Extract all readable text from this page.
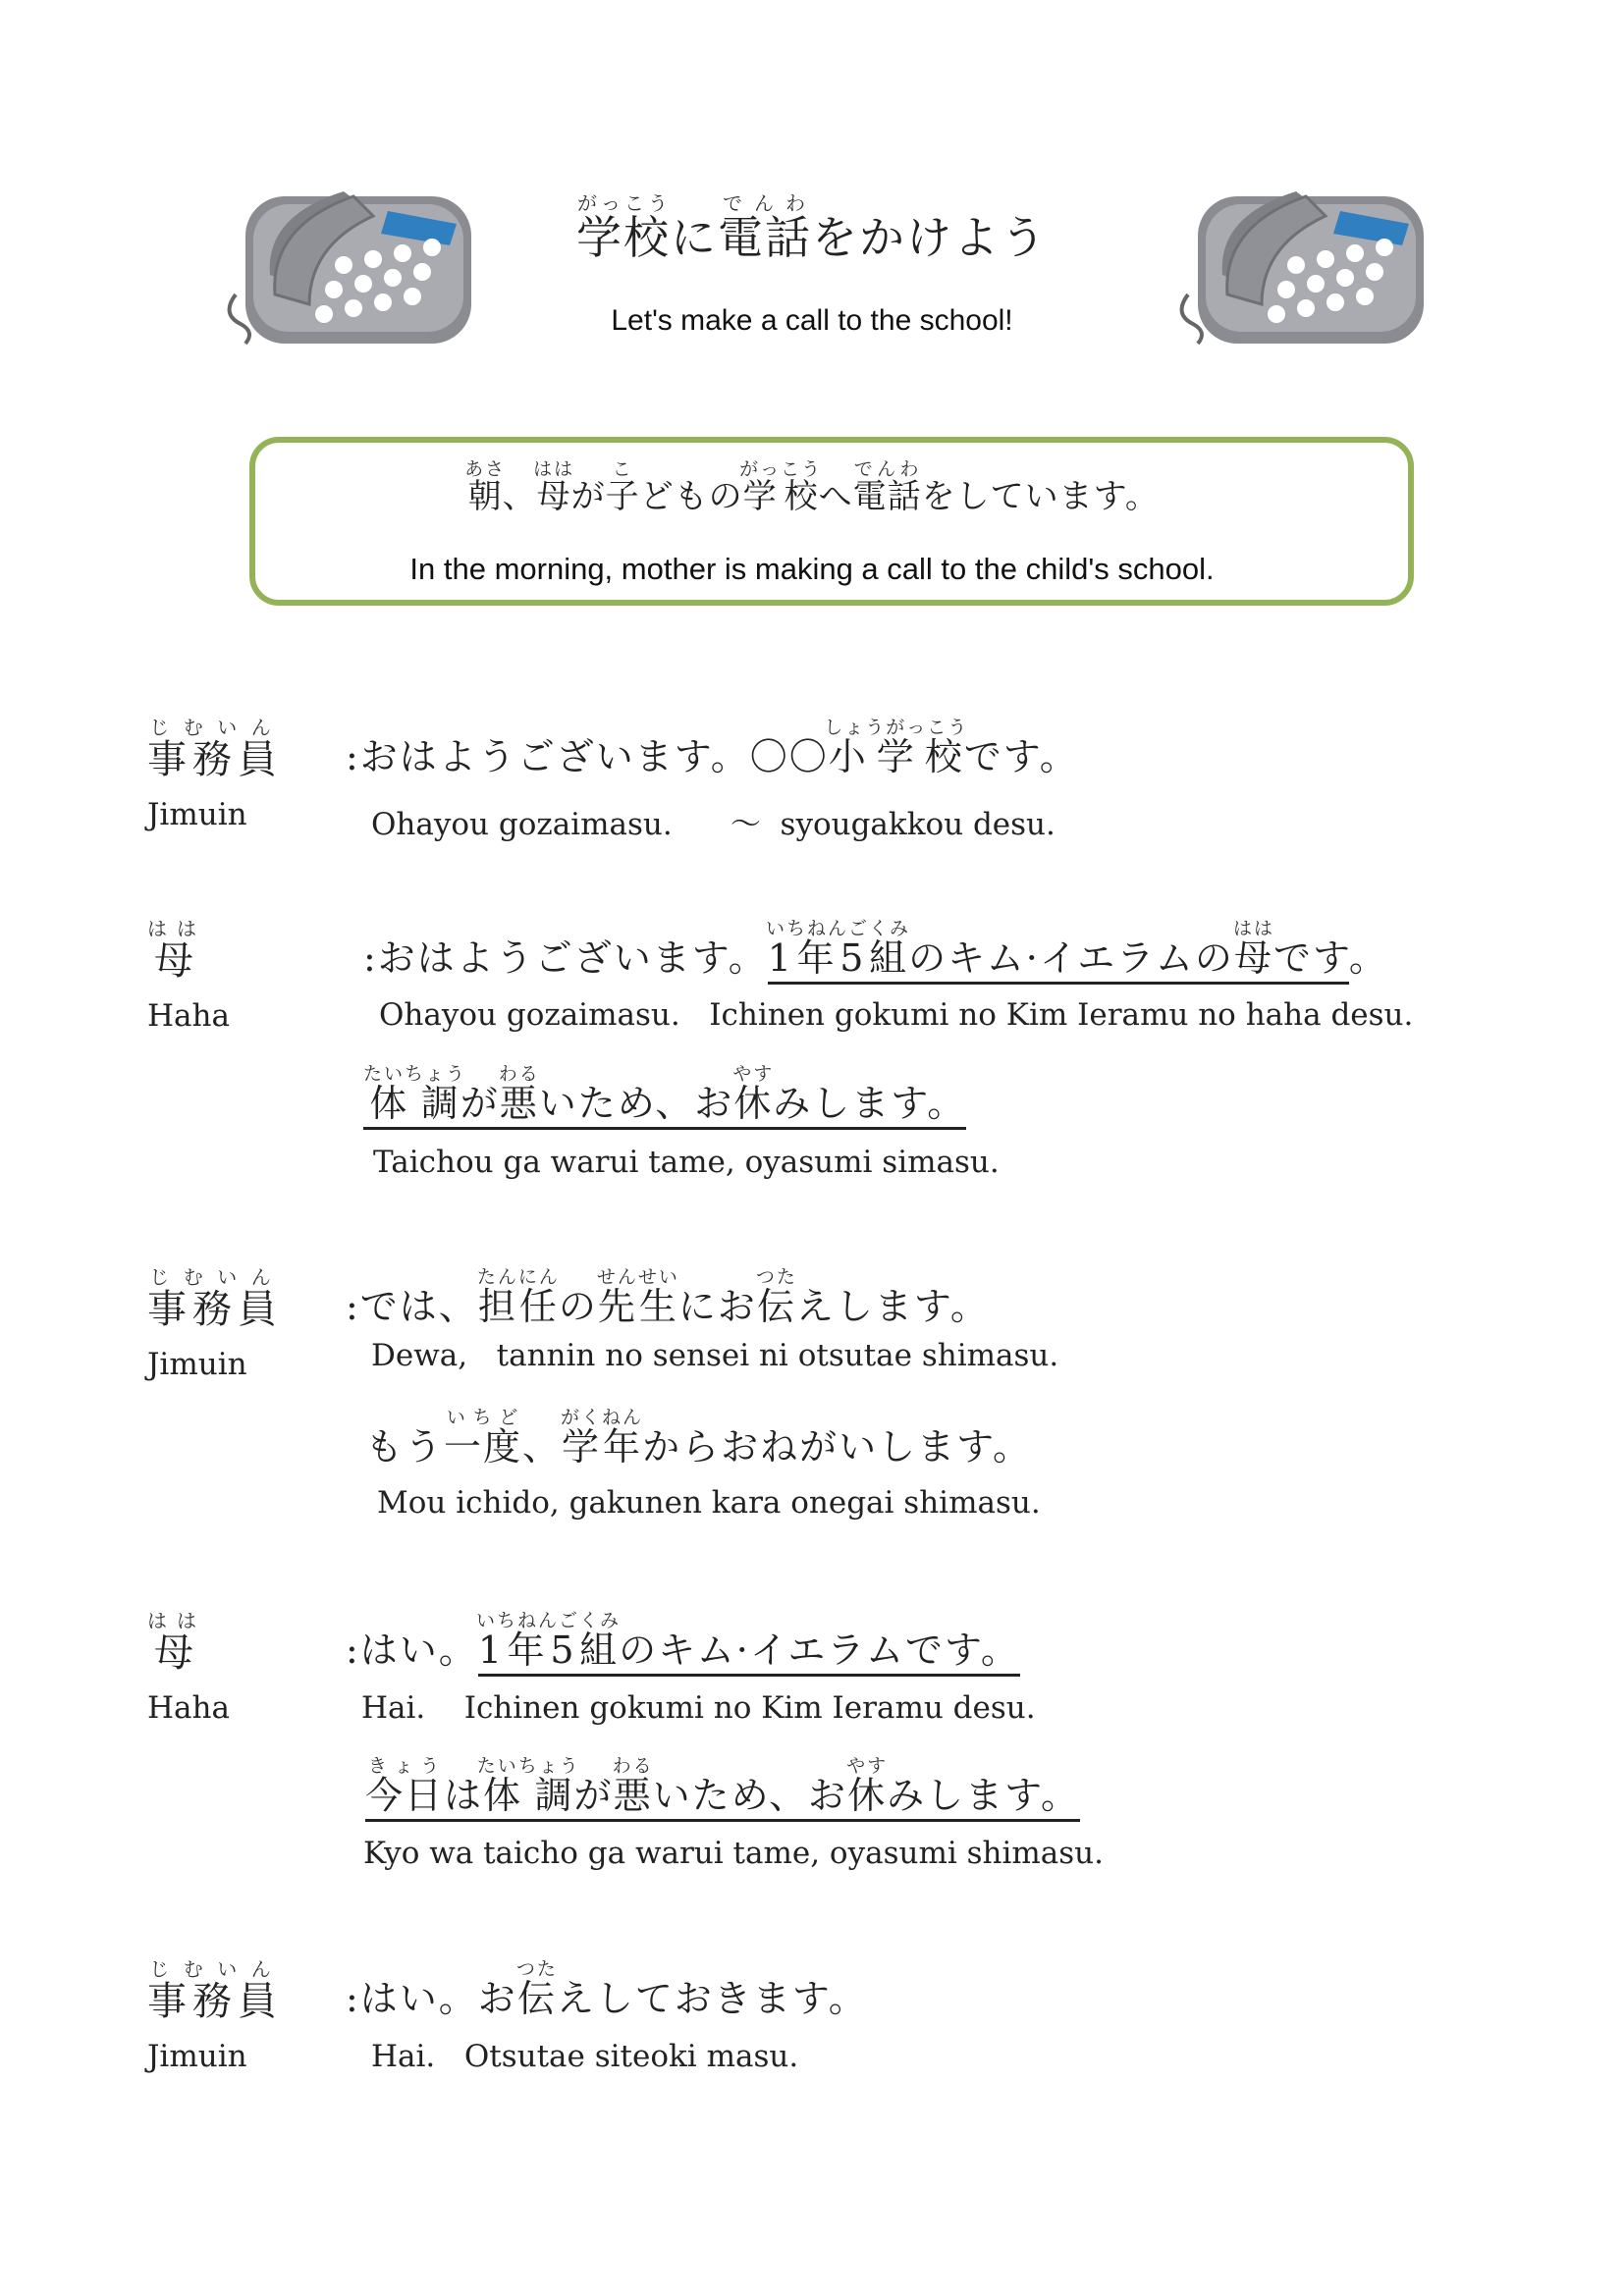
学校がっこうに電話でんわをかけよう
Let's make a call to the school!
朝あさ、母ははが子こどもの学校がっこうへ電話でんわをしています。
In the morning, mother is making a call to the child's school.
事務員じむいん
Jimuin
:おはようございます。〇〇小学校しょうがっこうです。
Ohayou gozaimasu.      ～  syougakkou desu.
母はは
Haha
:おはようございます。1年5組いちねんごくみのキム·イエラムの母ははです。
Ohayou gozaimasu.   Ichinen gokumi no Kim Ieramu no haha desu.
体調たいちょうが悪わるいため、お休やすみします。
Taichou ga warui tame, oyasumi simasu.
事務員じむいん
Jimuin
:では、担任たんにんの先生せんせいにお伝つたえします。
Dewa,   tannin no sensei ni otsutae shimasu.
もう一度いちど、学年がくねんからおねがいします。
Mou ichido, gakunen kara onegai shimasu.
母はは
Haha
:はい。1年5組いちねんごくみのキム·イエラムです。
Hai.    Ichinen gokumi no Kim Ieramu desu.
今日きょうは体調たいちょうが悪わるいため、お休やすみします。
Kyo wa taicho ga warui tame, oyasumi shimasu.
事務員じむいん
Jimuin
:はい。お伝つたえしておきます。
Hai.   Otsutae siteoki masu.
